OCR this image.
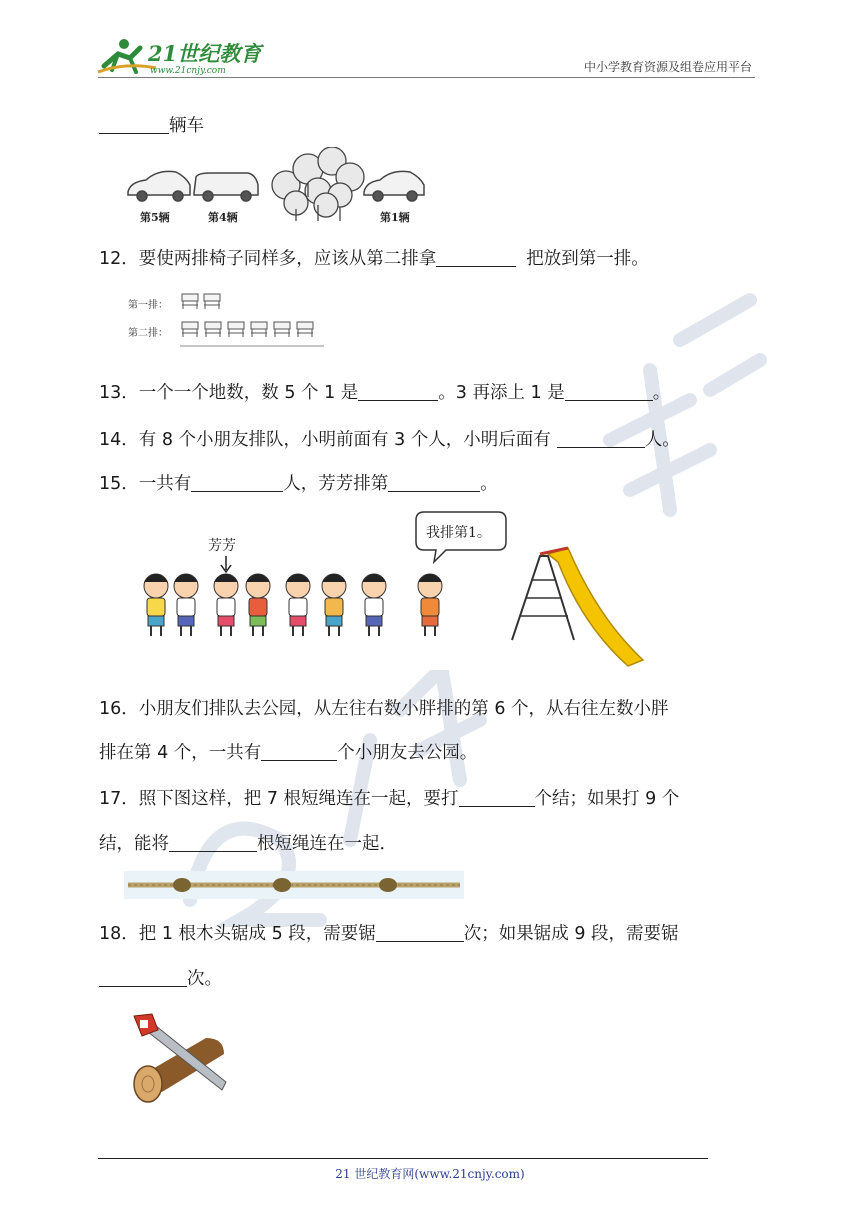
21世纪教育
www.21cnjy.com	中小学教育资源及组卷应用平台
辆车
第5辆	第4辆	第1辆
12．要使两排椅子同样多，应该从第二排拿	把放到第一排。
第一排：
第二排：
13．一个一个地数，数 5 个 1 是	。3 再添上 1 是	。
14．有 8 个小朋友排队，小明前面有 3 个人，小明后面有	人。
15．一共有	人，芳芳排第	。
芳芳
我排第1。
16．小朋友们排队去公园，从左往右数小胖排的第 6 个，从右往左数小胖
排在第 4 个，一共有	个小朋友去公园。
17．照下图这样，把 7 根短绳连在一起，要打	个结；如果打 9 个
结，能将	根短绳连在一起．
18．把 1 根木头锯成 5 段，需要锯	次；如果锯成 9 段，需要锯
次。
21 世纪教育网(www.21cnjy.com)
